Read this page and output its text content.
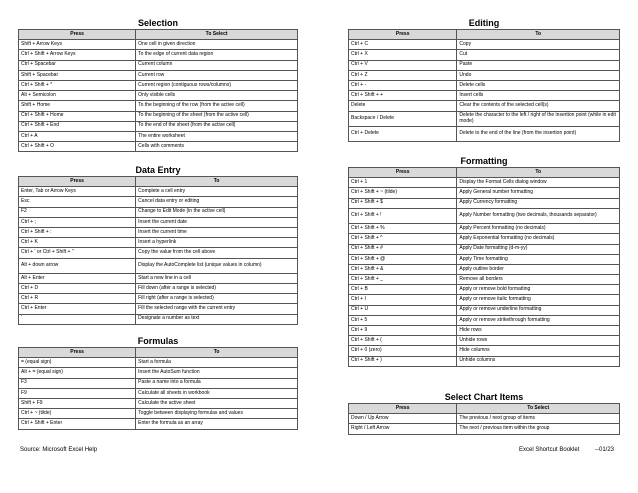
Selection
Press	To Select
Shift + Arrow Keys	One cell in given direction
Ctrl + Shift + Arrow Keys	To the edge of current data region
Ctrl + Spacebar	Current column
Shift + Spacebar	Current row
Ctrl + Shift + *	Current region (contiguous rows/columns)
Alt + Semicolon	Only visible cells
Shift + Home	To the beginning of the row (from the active cell)
Ctrl + Shift + Home	To the beginning of the sheet (from the active cell)
Ctrl + Shift + End	To the end of the sheet (from the active cell)
Ctrl + A	The entire worksheet
Ctrl + Shift + O	Cells with comments
Data Entry
Press	To
Enter, Tab or Arrow Keys	Complete a cell entry
Esc	Cancel data entry or editing
F2	Change to Edit Mode (in the active cell)
Ctrl + ;	Insert the current date
Ctrl + Shift + :	Insert the current time
Ctrl + K	Insert a hyperlink
Ctrl + ' or Ctrl + Shift + "	Copy the value from the cell above
Alt + down arrow	Display the AutoComplete list (unique values in column)
Alt + Enter	Start a new line in a cell
Ctrl + D	Fill down (after a range is selected)
Ctrl + R	Fill right (after a range is selected)
Ctrl + Enter	Fill the selected range with the current entry
'	Designate a number as text
Formulas
Press	To
= (equal sign)	Start a formula
Alt + = (equal sign)	Insert the AutoSum function
F3	Paste a name into a formula
F9	Calculate all sheets in workbook
Shift + F9	Calculate the active sheet
Ctrl + ~ (tilde)	Toggle between displaying formulas and values
Ctrl + Shift + Enter	Enter the formula as an array
Editing
Press	To
Ctrl + C	Copy
Ctrl + X	Cut
Ctrl + V	Paste
Ctrl + Z	Undo
Ctrl + -	Delete cells
Ctrl + Shift + +	Insert cells
Delete	Clear the contents of the selected cell(s)
Backspace / Delete	Delete the character to the left / right of the insertion point (while in edit mode)
Ctrl + Delete	Delete to the end of the line (from the insertion point)
Formatting
Press	To
Ctrl + 1	Display the Format Cells dialog window
Ctrl + Shift + ~ (tilde)	Apply General number formatting
Ctrl + Shift + $	Apply Currency formatting
Ctrl + Shift + !	Apply Number formatting (two decimals, thousands separator)
Ctrl + Shift + %	Apply Percent formatting (no decimals)
Ctrl + Shift + ^	Apply Exponential formatting (no decimals)
Ctrl + Shift + #	Apply Date formatting (d-m-yy)
Ctrl + Shift + @	Apply Time formatting
Ctrl + Shift + &	Apply outline border
Ctrl + Shift + _	Remove all borders
Ctrl + B	Apply or remove bold formatting
Ctrl + I	Apply or remove italic formatting
Ctrl + U	Apply or remove underline formatting
Ctrl + 5	Apply or remove strikethrough formatting
Ctrl + 9	Hide rows
Ctrl + Shift + (	Unhide rows
Ctrl + 0 (zero)	Hide columns
Ctrl + Shift + )	Unhide columns
Select Chart Items
Press	To Select
Down / Up Arrow	The previous / next group of items
Right / Left Arrow	The next / previous item within the group
Source: Microsoft Excel Help	Excel Shortcut Booklet	--01/23
